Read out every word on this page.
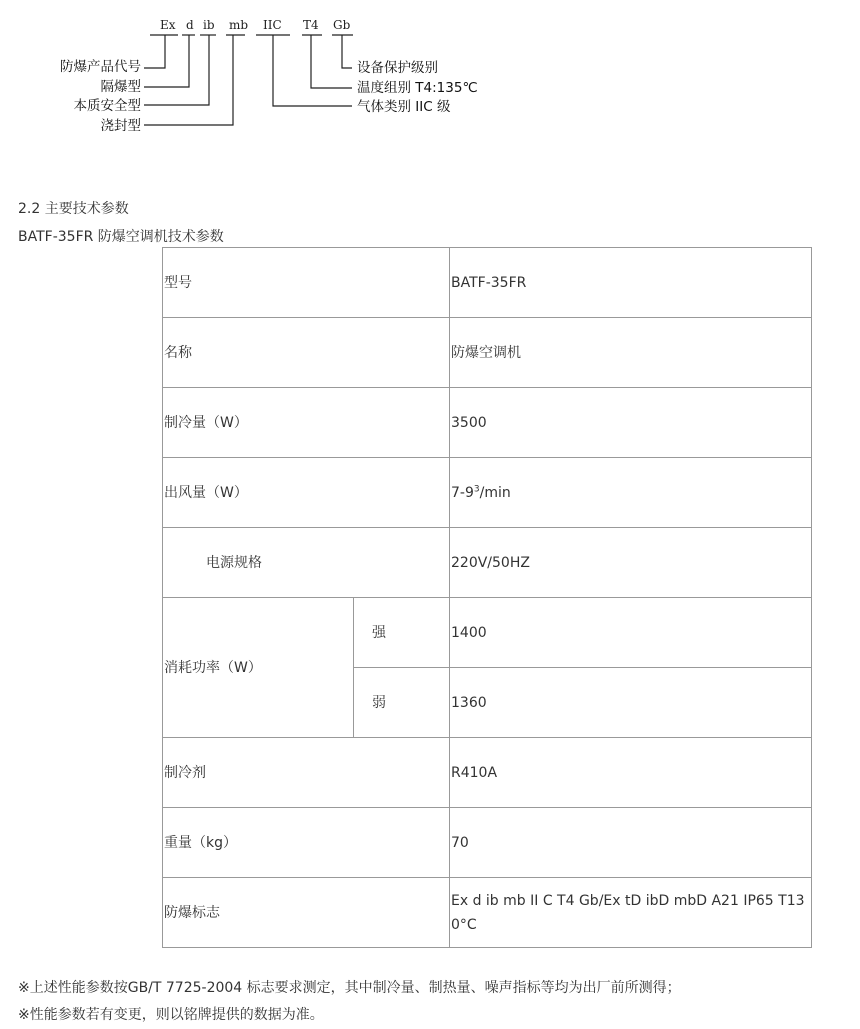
Ex d ib mb IIC T4 Gb
防爆产品代号
隔爆型
本质安全型
浇封型
设备保护级别
温度组别 T4:135℃
气体类别 IIC 级
2.2 主要技术参数
BATF-35FR 防爆空调机技术参数
型号		BATF-35FR
名称		防爆空调机
制冷量（W）		3500
出风量（W）		$7-9^3/\min$
电源规格		220V/50HZ
消耗功率（W）	强	1400
	弱	1360
制冷剂		R410A
重量（kg）		70
防爆标志		Ex d ib mb II C T4 Gb/Ex tD ibD mbD A21 IP65 T130°C
※上述性能参数按GB/T 7725-2004 标志要求测定，其中制冷量、制热量、噪声指标等均为出厂前所测得；
※性能参数若有变更，则以铭牌提供的数据为准。
